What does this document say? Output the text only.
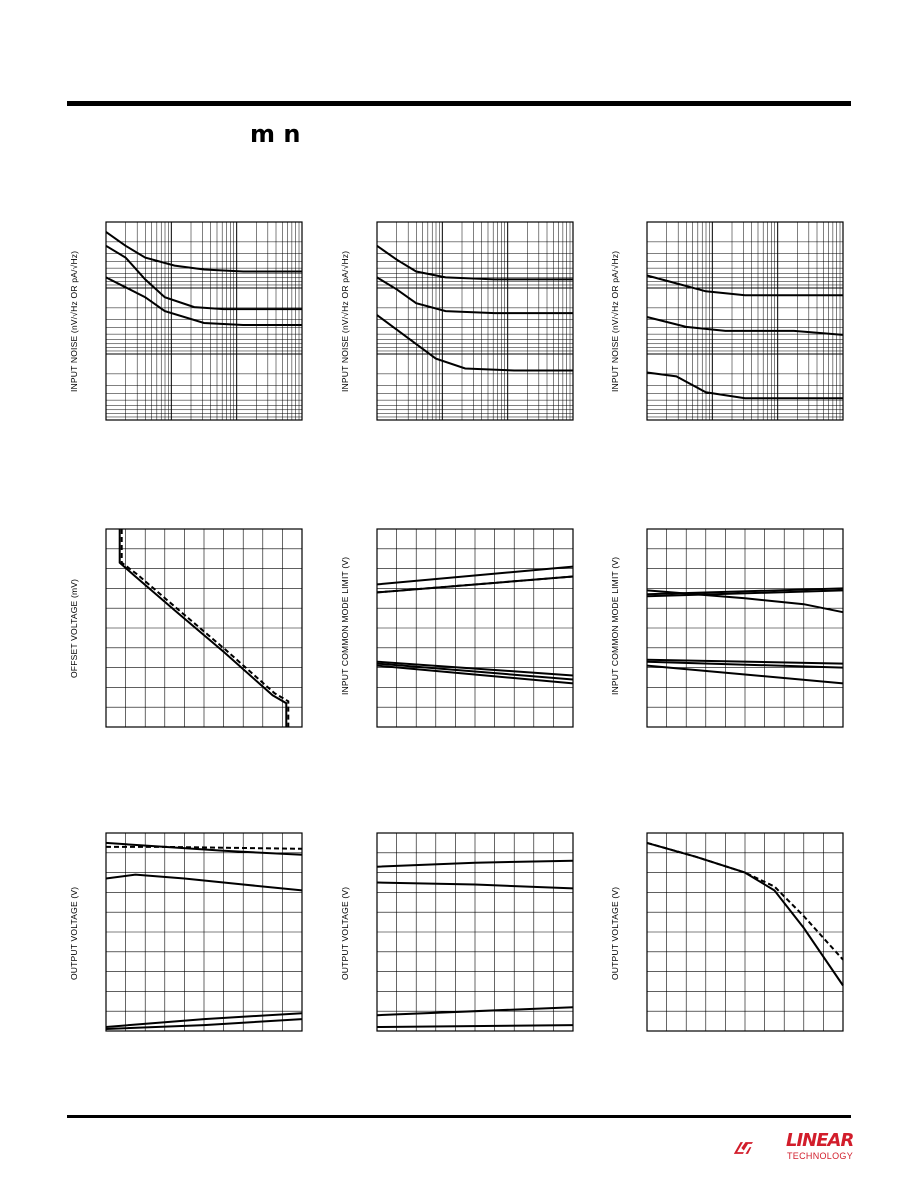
m n
INPUT NOISE (nV/√Hz OR pA/√Hz)	INPUT NOISE (nV/√Hz OR pA/√Hz)	INPUT NOISE (nV/√Hz OR pA/√Hz)
OFFSET VOLTAGE (mV)	INPUT COMMON MODE LIMIT (V)	INPUT COMMON MODE LIMIT (V)
OUTPUT VOLTAGE (V)	OUTPUT VOLTAGE (V)	OUTPUT VOLTAGE (V)
LINEAR
TECHNOLOGY
